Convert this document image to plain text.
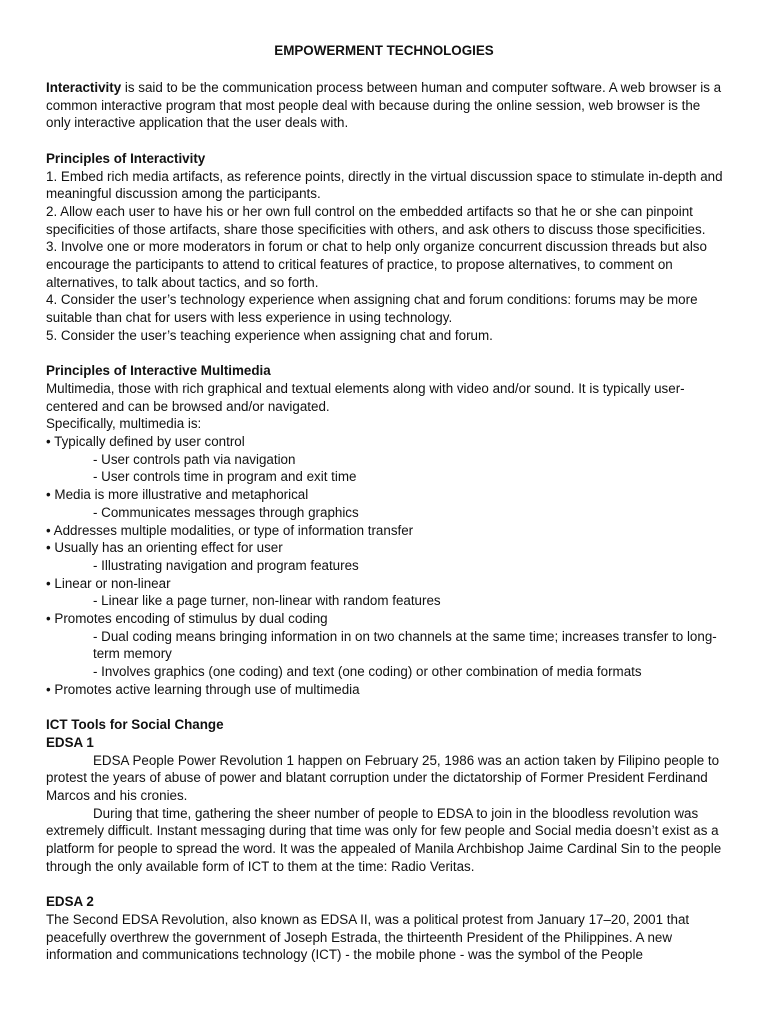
EMPOWERMENT TECHNOLOGIES

Interactivity is said to be the communication process between human and computer software. A web browser is a common interactive program that most people deal with because during the online session, web browser is the only interactive application that the user deals with.

Principles of Interactivity

1. Embed rich media artifacts, as reference points, directly in the virtual discussion space to stimulate in-depth and meaningful discussion among the participants.

2. Allow each user to have his or her own full control on the embedded artifacts so that he or she can pinpoint specificities of those artifacts, share those specificities with others, and ask others to discuss those specificities.

3. Involve one or more moderators in forum or chat to help only organize concurrent discussion threads but also encourage the participants to attend to critical features of practice, to propose alternatives, to comment on alternatives, to talk about tactics, and so forth.

4. Consider the user’s technology experience when assigning chat and forum conditions: forums may be more suitable than chat for users with less experience in using technology.

5. Consider the user’s teaching experience when assigning chat and forum.

Principles of Interactive Multimedia

Multimedia, those with rich graphical and textual elements along with video and/or sound. It is typically user-centered and can be browsed and/or navigated.

Specifically, multimedia is:

• Typically defined by user control

- User controls path via navigation

- User controls time in program and exit time

• Media is more illustrative and metaphorical

- Communicates messages through graphics

• Addresses multiple modalities, or type of information transfer

• Usually has an orienting effect for user

- Illustrating navigation and program features

• Linear or non-linear

- Linear like a page turner, non-linear with random features

• Promotes encoding of stimulus by dual coding

- Dual coding means bringing information in on two channels at the same time; increases transfer to long-term memory

- Involves graphics (one coding) and text (one coding) or other combination of media formats

• Promotes active learning through use of multimedia

ICT Tools for Social Change

EDSA 1

EDSA People Power Revolution 1 happen on February 25, 1986 was an action taken by Filipino people to protest the years of abuse of power and blatant corruption under the dictatorship of Former President Ferdinand Marcos and his cronies.

During that time, gathering the sheer number of people to EDSA to join in the bloodless revolution was extremely difficult. Instant messaging during that time was only for few people and Social media doesn’t exist as a platform for people to spread the word. It was the appealed of Manila Archbishop Jaime Cardinal Sin to the people through the only available form of ICT to them at the time: Radio Veritas.

EDSA 2

The Second EDSA Revolution, also known as EDSA II, was a political protest from January 17–20, 2001 that peacefully overthrew the government of Joseph Estrada, the thirteenth President of the Philippines. A new information and communications technology (ICT) - the mobile phone - was the symbol of the People
